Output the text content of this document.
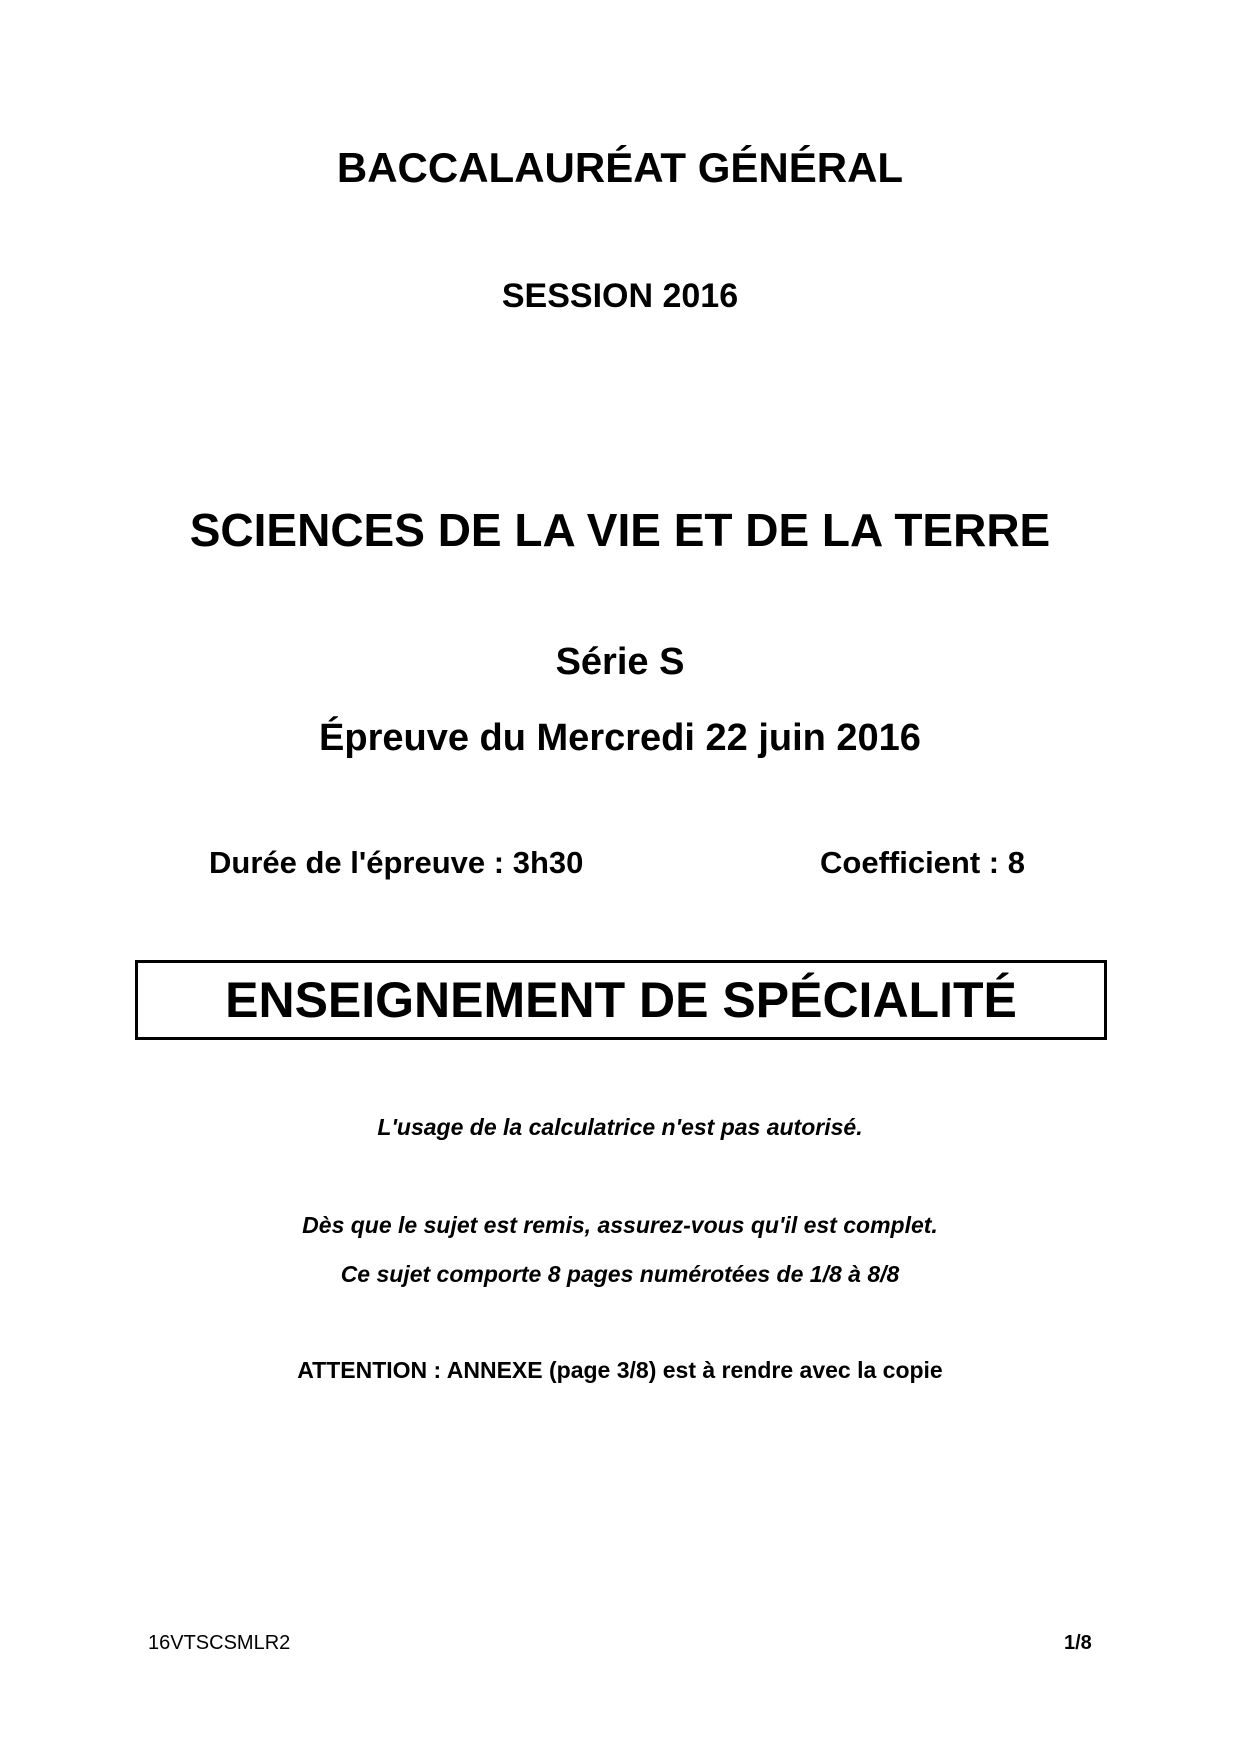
BACCALAURÉAT GÉNÉRAL
SESSION 2016
SCIENCES DE LA VIE ET DE LA TERRE
Série S
Épreuve du Mercredi 22 juin 2016
Durée de l'épreuve : 3h30	Coefficient : 8
ENSEIGNEMENT DE SPÉCIALITÉ
L'usage de la calculatrice n'est pas autorisé.
Dès que le sujet est remis, assurez-vous qu'il est complet.
Ce sujet comporte 8 pages numérotées de 1/8 à 8/8
ATTENTION : ANNEXE (page 3/8) est à rendre avec la copie
16VTSCSMLR2	1/8
